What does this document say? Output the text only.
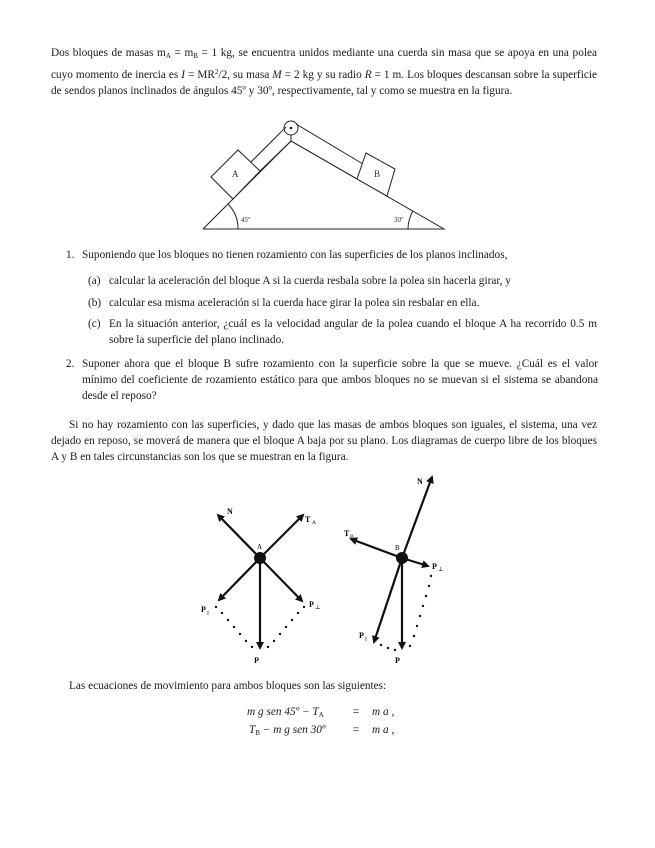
Dos bloques de masas $m_A = m_B = 1$ kg, se encuentra unidos mediante una cuerda sin masa que se apoya en una polea cuyo momento de inercia es $I = MR^2/2$, su masa M = 2 kg y su radio R = 1 m. Los bloques descansan sobre la superficie de sendos planos inclinados de ángulos 45º y 30º, respectivamente, tal y como se muestra en la figura.
A	B
45º	30º
N
T A
A
P ||
P ⊥
P
N
T B
B
P ⊥
P ||
P
1. Suponiendo que los bloques no tienen rozamiento con las superficies de los planos inclinados,
(a) calcular la aceleración del bloque A si la cuerda resbala sobre la polea sin hacerla girar, y
(b) calcular esa misma aceleración si la cuerda hace girar la polea sin resbalar en ella.
(c) En la situación anterior, ¿cuál es la velocidad angular de la polea cuando el bloque A ha recorrido 0.5 m sobre la superficie del plano inclinado.
2. Suponer ahora que el bloque B sufre rozamiento con la superficie sobre la que se mueve. ¿Cuál es el valor mínimo del coeficiente de rozamiento estático para que ambos bloques no se muevan si el sistema se abandona desde el reposo?
Si no hay rozamiento con las superficies, y dado que las masas de ambos bloques son iguales, el sistema, una vez dejado en reposo, se moverá de manera que el bloque A baja por su plano. Los diagramas de cuerpo libre de los bloques A y B en tales circunstancias son los que se muestran en la figura.
Las ecuaciones de movimiento para ambos bloques son las siguientes:
m g sen 45º − $T_A$	= m a ,
$T_B - m$ g sen 30º = m a ,
